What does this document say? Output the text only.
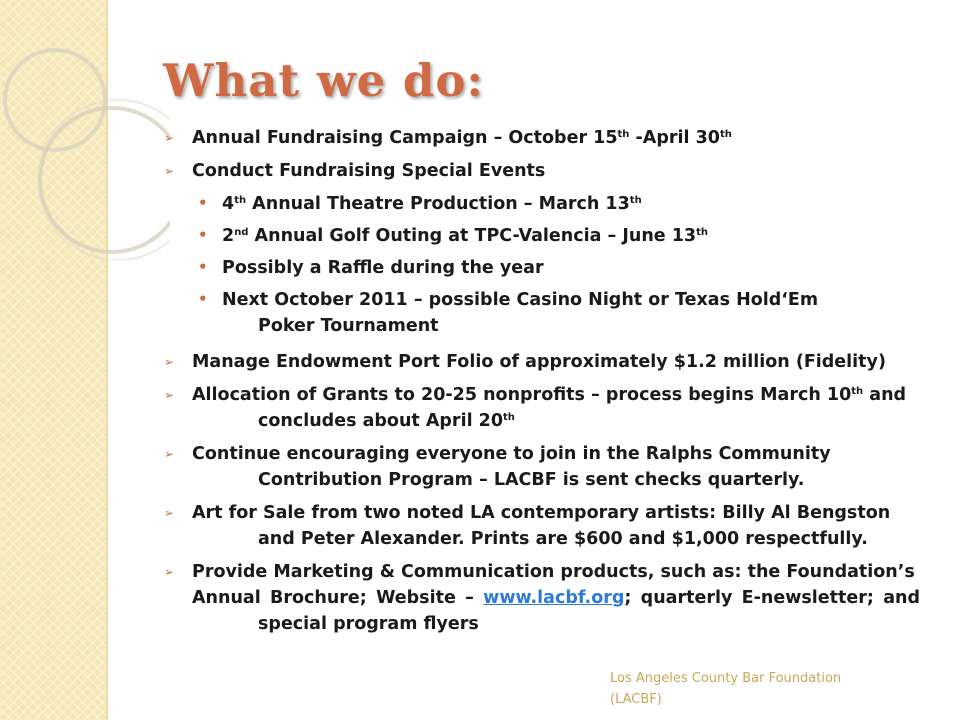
What we do:
➢ Annual Fundraising Campaign – October 15th -April 30th
➢ Conduct Fundraising Special Events
• 4th Annual Theatre Production – March 13th
• 2nd Annual Golf Outing at TPC-Valencia – June 13th
• Possibly a Raffle during the year
• Next October 2011 – possible Casino Night or Texas Hold‘Em
Poker Tournament
➢ Manage Endowment Port Folio of approximately $1.2 million (Fidelity)
➢ Allocation of Grants to 20-25 nonprofits – process begins March 10th and
concludes about April 20th
➢ Continue encouraging everyone to join in the Ralphs Community
Contribution Program – LACBF is sent checks quarterly.
➢ Art for Sale from two noted LA contemporary artists: Billy Al Bengston
and Peter Alexander. Prints are $600 and $1,000 respectfully.
➢ Provide Marketing & Communication products, such as: the Foundation’s
Annual Brochure; Website – www.lacbf.org; quarterly E-newsletter; and
special program flyers
Los Angeles County Bar Foundation
(LACBF)
